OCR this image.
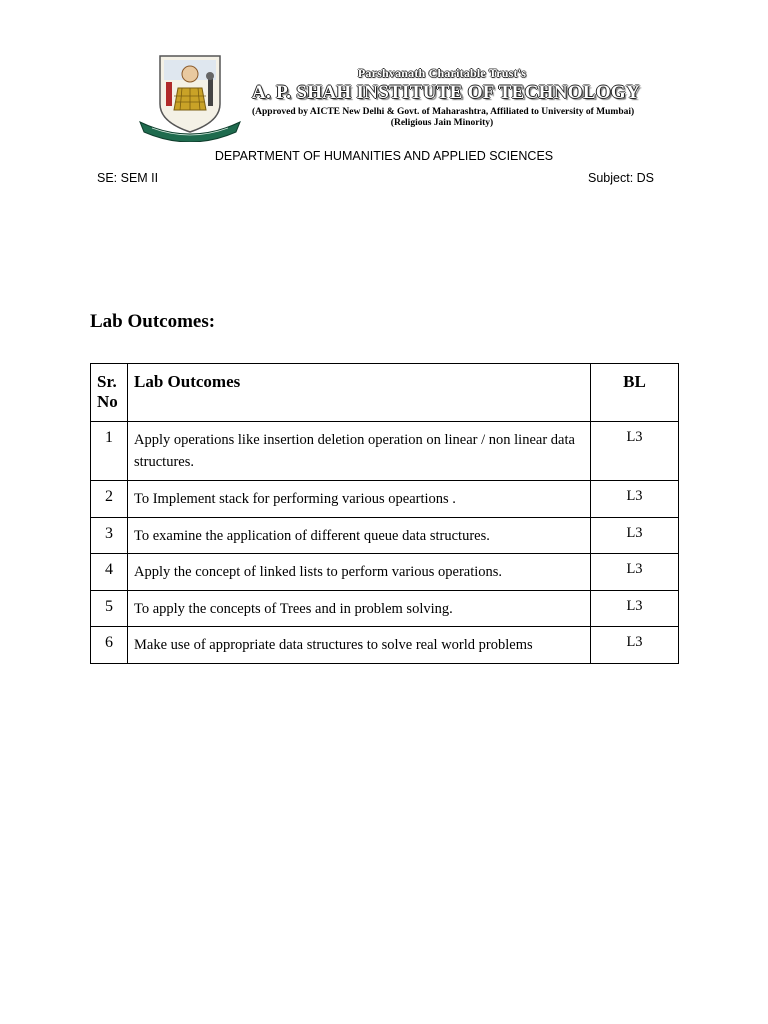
Parshvanath Charitable Trust's
A. P. SHAH INSTITUTE OF TECHNOLOGY
(Approved by AICTE New Delhi & Govt. of Maharashtra, Affiliated to University of Mumbai)
(Religious Jain Minority)
DEPARTMENT OF HUMANITIES AND APPLIED SCIENCES
SE: SEM II	Subject: DS
Lab Outcomes:
Sr.
No	Lab Outcomes	BL
1	Apply operations like insertion deletion operation on linear / non linear data structures.	L3
2	To Implement stack for performing various opeartions .	L3
3	To examine the application of different queue data structures.	L3
4	Apply the concept of linked lists to perform various operations.	L3
5	To apply the concepts of Trees and in problem solving.	L3
6	Make use of appropriate data structures to solve real world problems	L3
